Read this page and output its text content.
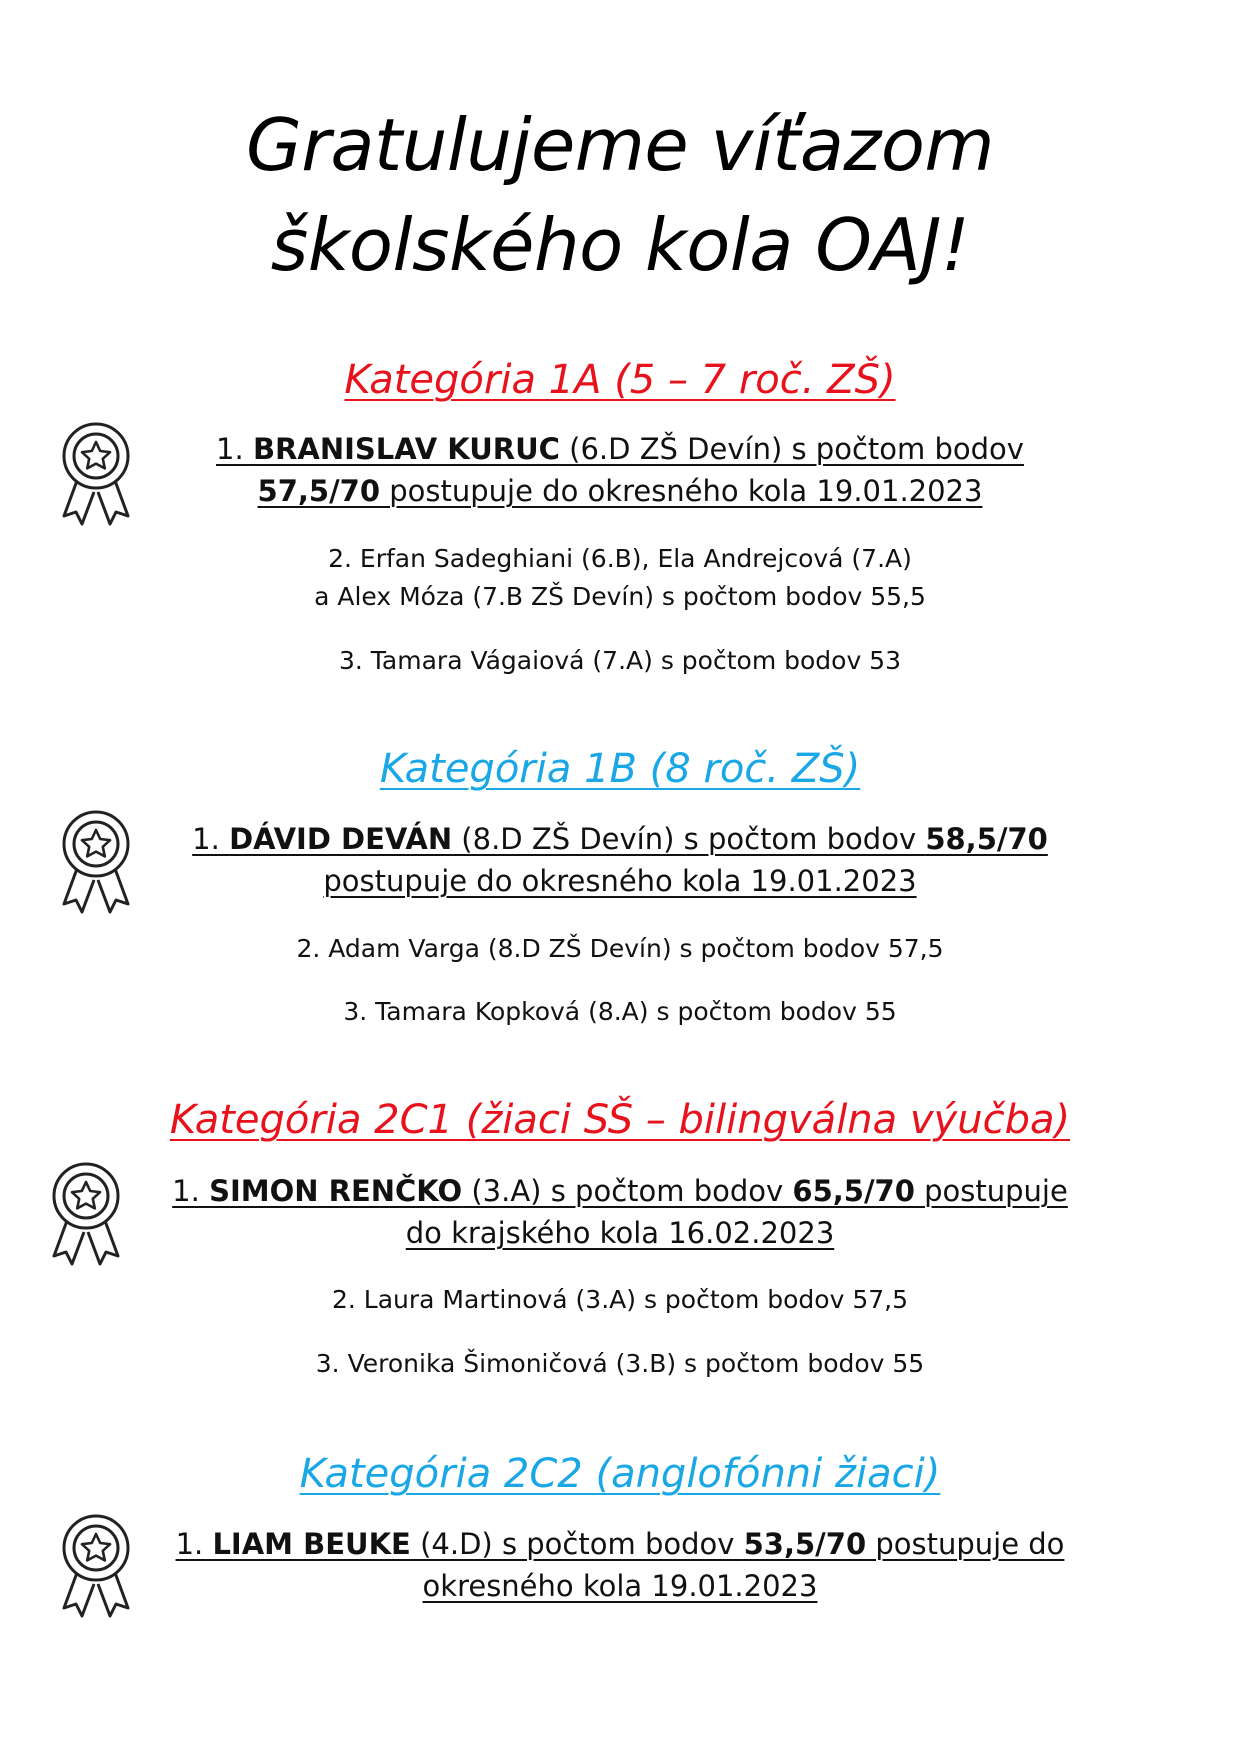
Gratulujeme víťazom
školského kola OAJ!
Kategória 1A (5 – 7 roč. ZŠ)
1. BRANISLAV KURUC (6.D ZŠ Devín) s počtom bodov
57,5/70 postupuje do okresného kola 19.01.2023
2. Erfan Sadeghiani (6.B), Ela Andrejcová (7.A)
a Alex Móza (7.B ZŠ Devín) s počtom bodov 55,5
3. Tamara Vágaiová (7.A) s počtom bodov 53
Kategória 1B (8 roč. ZŠ)
1. DÁVID DEVÁN (8.D ZŠ Devín) s počtom bodov 58,5/70
postupuje do okresného kola 19.01.2023
2. Adam Varga (8.D ZŠ Devín) s počtom bodov 57,5
3. Tamara Kopková (8.A) s počtom bodov 55
Kategória 2C1 (žiaci SŠ – bilingválna výučba)
1. SIMON RENČKO (3.A) s počtom bodov 65,5/70 postupuje
do krajského kola 16.02.2023
2. Laura Martinová (3.A) s počtom bodov 57,5
3. Veronika Šimoničová (3.B) s počtom bodov 55
Kategória 2C2 (anglofónni žiaci)
1. LIAM BEUKE (4.D) s počtom bodov 53,5/70 postupuje do
okresného kola 19.01.2023
